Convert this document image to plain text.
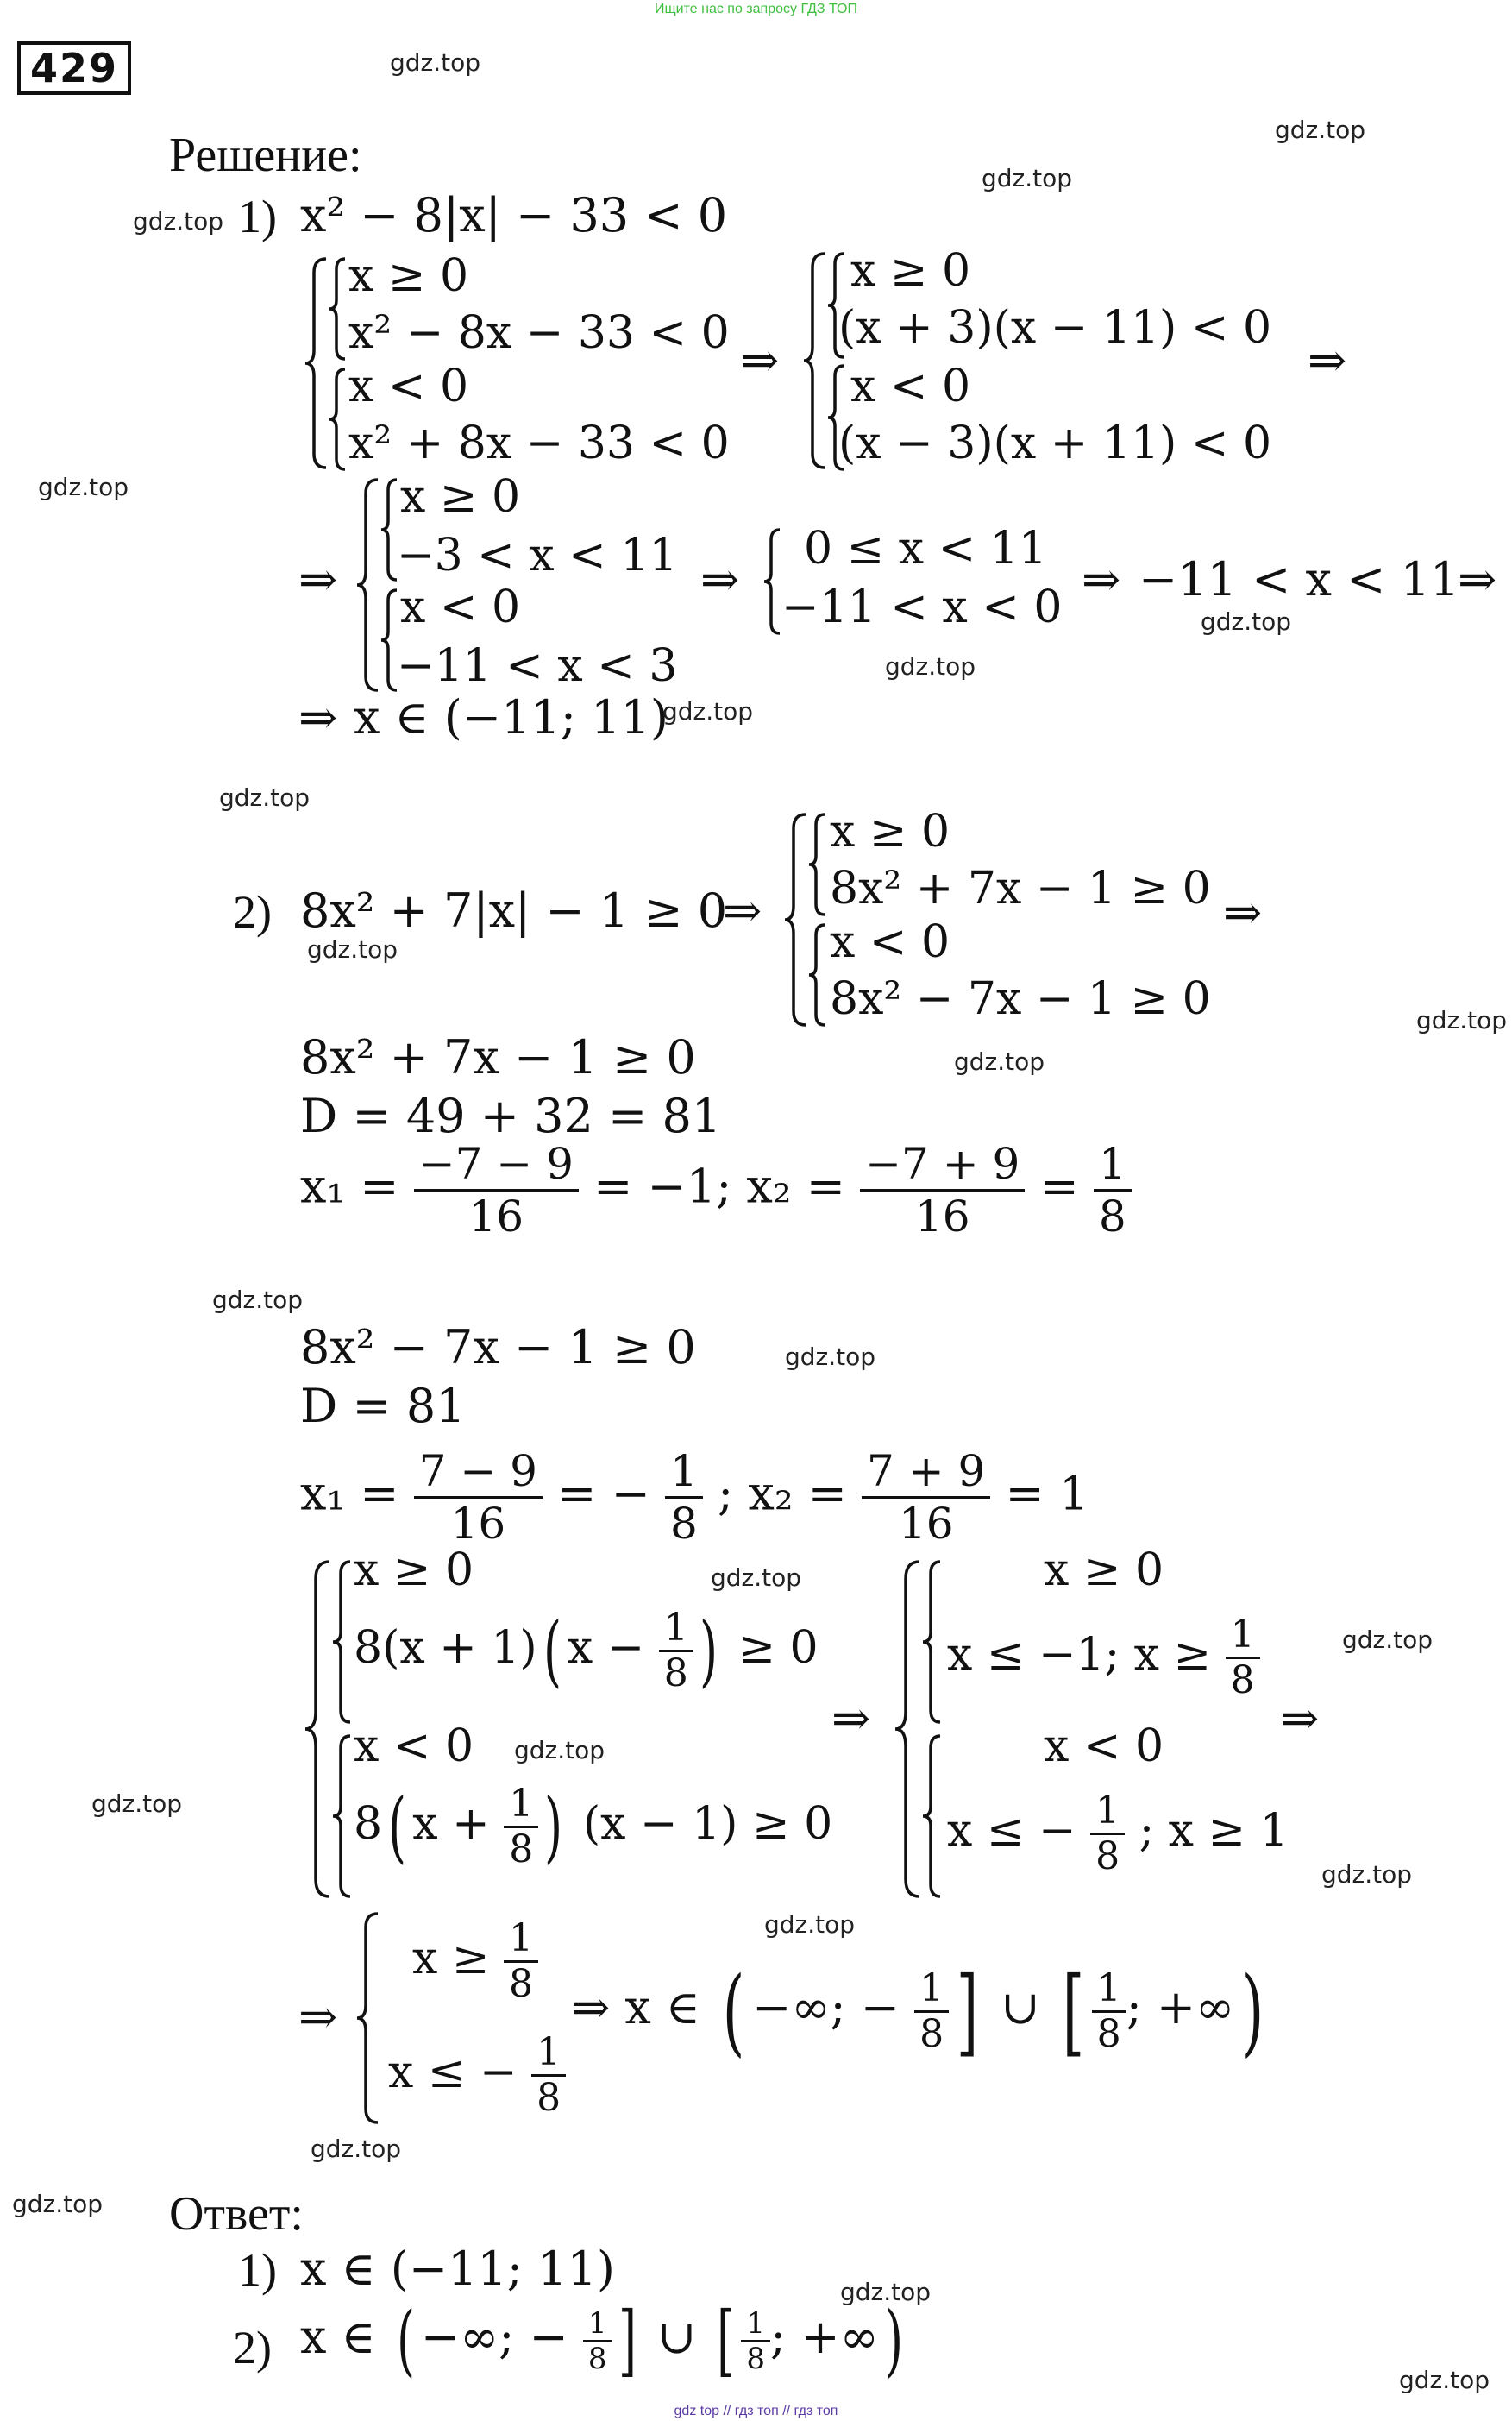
Ищите нас по запросу ГДЗ ТОП
429	gdz.top
gdz.top
gdz.top
gdz.top
gdz.top
gdz.top
gdz.top
gdz.top
gdz.top
gdz.top
gdz.top
gdz.top
gdz.top
gdz.top
gdz.top
gdz.top
gdz.top
gdz.top
gdz.top
gdz.top
gdz.top
gdz.top
gdz.top
gdz.top
Решение:
1) x² − 8|x| − 33 < 0
x ≥ 0
x² − 8x − 33 < 0
x < 0
x² + 8x − 33 < 0
⇒
x ≥ 0
(x + 3)(x − 11) < 0
x < 0
(x − 3)(x + 11) < 0
⇒
⇒
x ≥ 0
−3 < x < 11
x < 0
−11 < x < 3
⇒
0 ≤ x < 11
−11 < x < 0
⇒ −11 < x < 11
⇒
⇒ x ∈ (−11; 11)
2) 8x² + 7|x| − 1 ≥ 0
⇒
x ≥ 0
8x² + 7x − 1 ≥ 0
x < 0
8x² − 7x − 1 ≥ 0
⇒
8x² + 7x − 1 ≥ 0
D = 49 + 32 = 81
$x_1 = \frac{-7 - 9}{16} = -1$; $x_2 = \frac{-7 + 9}{16} = \frac{1}{8}$
8x² − 7x − 1 ≥ 0
D = 81
$x_1 = \frac{7 - 9}{16}$ = − $\frac{1}{8}$ ; $x_2 = \frac{7 + 9}{16} = 1$
x ≥ 0
8(x + 1)( $x - \frac{1}{8}$ ) ≥ 0
x < 0
8( $x + \frac{1}{8}$ ) (x − 1) ≥ 0
⇒
x ≥ 0
x ≤ −1; $x \ge \frac{1}{8}$
x < 0
x ≤ − $\frac{1}{8}$ ; x ≥ 1
⇒
⇒
$x \ge \frac{1}{8}$
x ≤ − $\frac{1}{8}$
⇒ x ∈ ( −∞; − $\frac{1}{8}$ ] ∪ [ $\frac{1}{8}$ ; +∞)
Ответ:
1) x ∈ (−11; 11)
2) x ∈ ( −∞; − $\frac{1}{8}$ ] ∪ [ $\frac{1}{8}$ ; +∞)
gdz top // гдз топ // гдз топ
